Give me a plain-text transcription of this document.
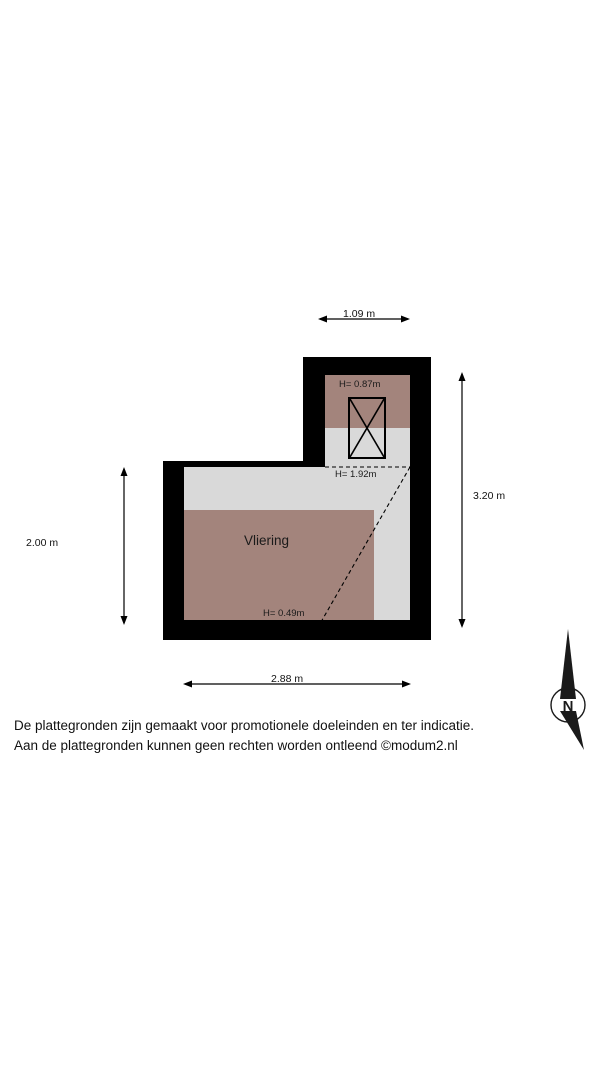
H= 0.87m
H= 1.92m
H= 0.49m
Vliering
1.09 m
3.20 m
2.00 m
2.88 m
N
De plattegronden zijn gemaakt voor promotionele doeleinden en ter indicatie.
Aan de plattegronden kunnen geen rechten worden ontleend ©modum2.nl
